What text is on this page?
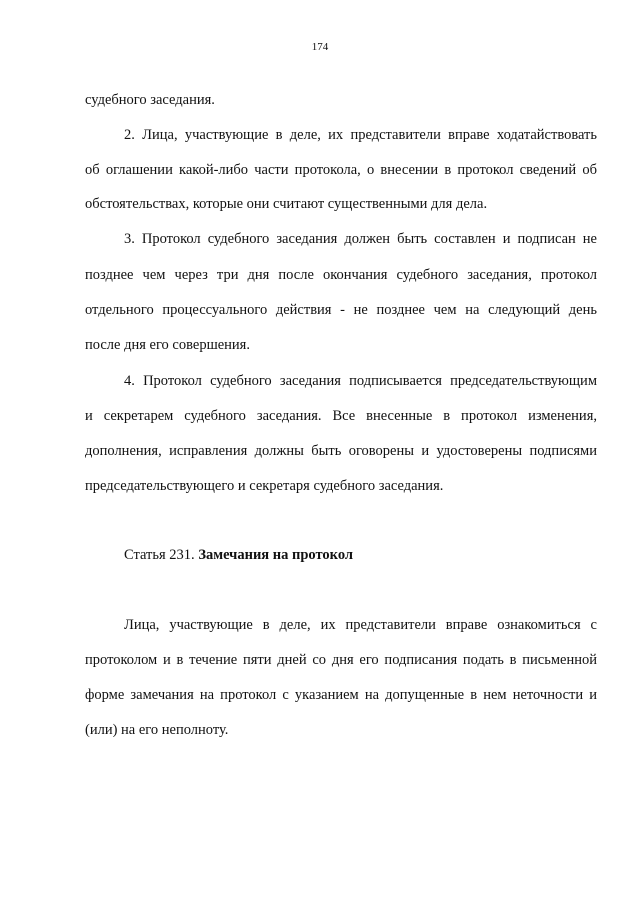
174
судебного заседания.
2. Лица, участвующие в деле, их представители вправе ходатайствовать
об оглашении какой-либо части протокола, о внесении в протокол сведений об
обстоятельствах, которые они считают существенными для дела.
3. Протокол судебного заседания должен быть составлен и подписан не
позднее чем через три дня после окончания судебного заседания, протокол
отдельного процессуального действия - не позднее чем на следующий день
после дня его совершения.
4. Протокол судебного заседания подписывается председательствующим
и секретарем судебного заседания. Все внесенные в протокол изменения,
дополнения, исправления должны быть оговорены и удостоверены подписями
председательствующего и секретаря судебного заседания.
Статья 231. Замечания на протокол
Лица, участвующие в деле, их представители вправе ознакомиться с
протоколом и в течение пяти дней со дня его подписания подать в письменной
форме замечания на протокол с указанием на допущенные в нем неточности и
(или) на его неполноту.
